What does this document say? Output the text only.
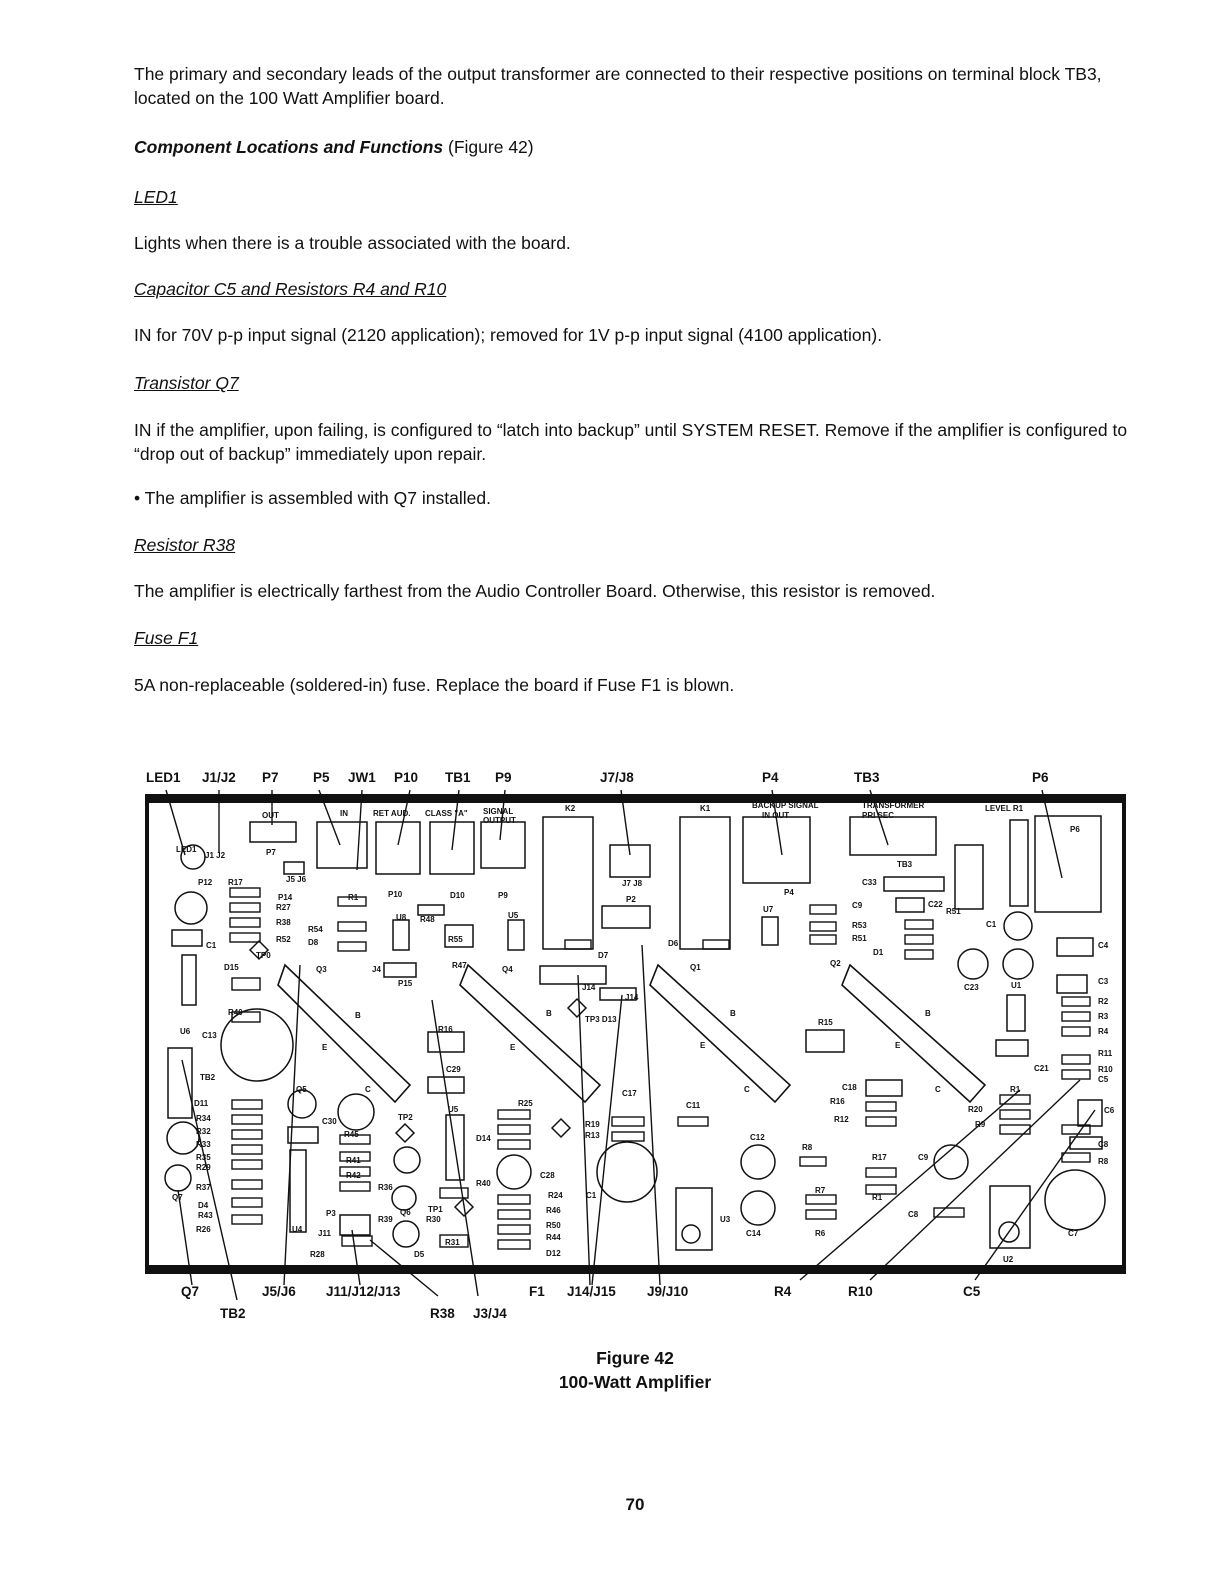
The primary and secondary leads of the output transformer are connected to their respective positions on terminal block TB3, located on the 100 Watt Amplifier board.

Component Locations and Functions (Figure 42)
LED1

Lights when there is a trouble associated with the board.

Capacitor C5 and Resistors R4 and R10

IN for 70V p-p input signal (2120 application); removed for 1V p-p input signal (4100 application).

Transistor Q7

IN if the amplifier, upon failing, is configured to “latch into backup” until SYSTEM RESET. Remove if the amplifier is configured to “drop out of backup” immediately upon repair.

• The amplifier is assembled with Q7 installed.

Resistor R38

The amplifier is electrically farthest from the Audio Controller Board. Otherwise, this resistor is removed.

Fuse F1

5A non-replaceable (soldered-in) fuse. Replace the board if Fuse F1 is blown.

LED1 J1/J2 P7	P5 JW1 P10 TB1 P9	J7/J8	P4	TB3	P6
OUT	IN	RET AUD. CLASS "A" SIGNAL
OUTPUT
K2	K1	BACKUP SIGNAL
IN OUT
TRANSFORMER
PRI SEC
LEVEL R1
P6
LED1
J1 J2
P12 R17
P7
P10	D10	P9
J7 J8
P2
P4
U7
TB3
C33
C22
R51
C9
R53
R51
D1
Q2
U1
C23
C1
C4
C3
R2
R3
R4
R11
R10
C5
C6
C8
R8
C7
U2
C21
R1
R20
R9
C9
C8
C18
R16
R12
R17
R1
R7
R6
R8
C12
C14
U3
C11
C
R15
E	E
C
B	B
Q1
D6
D7
J14
J14
TP3 D13
C17
R25
R19
R13
R24
R46
R50
R44
D12
C28
C1
U5
Q4
D14
R40
U5
C29
R16
B
E	E
C
B
R47
R55
R48
U8
J4
P15
Q3
D8
R54
R27
R38
R52
TP0
P14
J5 J6
R1
C1
D15
R40
U6 C13
TB2
D11
R34
R32
R33
R35
R29
R37
D4
R43
R26
Q7
U4
Q5
C30	TP2
R45
R41
R42
R36
Q6
R39
P3
J11
R28	D5
R30
TP1
R31
Q7
TB2
J5/J6 J11/J12/J13
R38 J3/J4
F1 J14/J15 J9/J10	R4	R10	C5
Figure 42
100-Watt Amplifier
70
